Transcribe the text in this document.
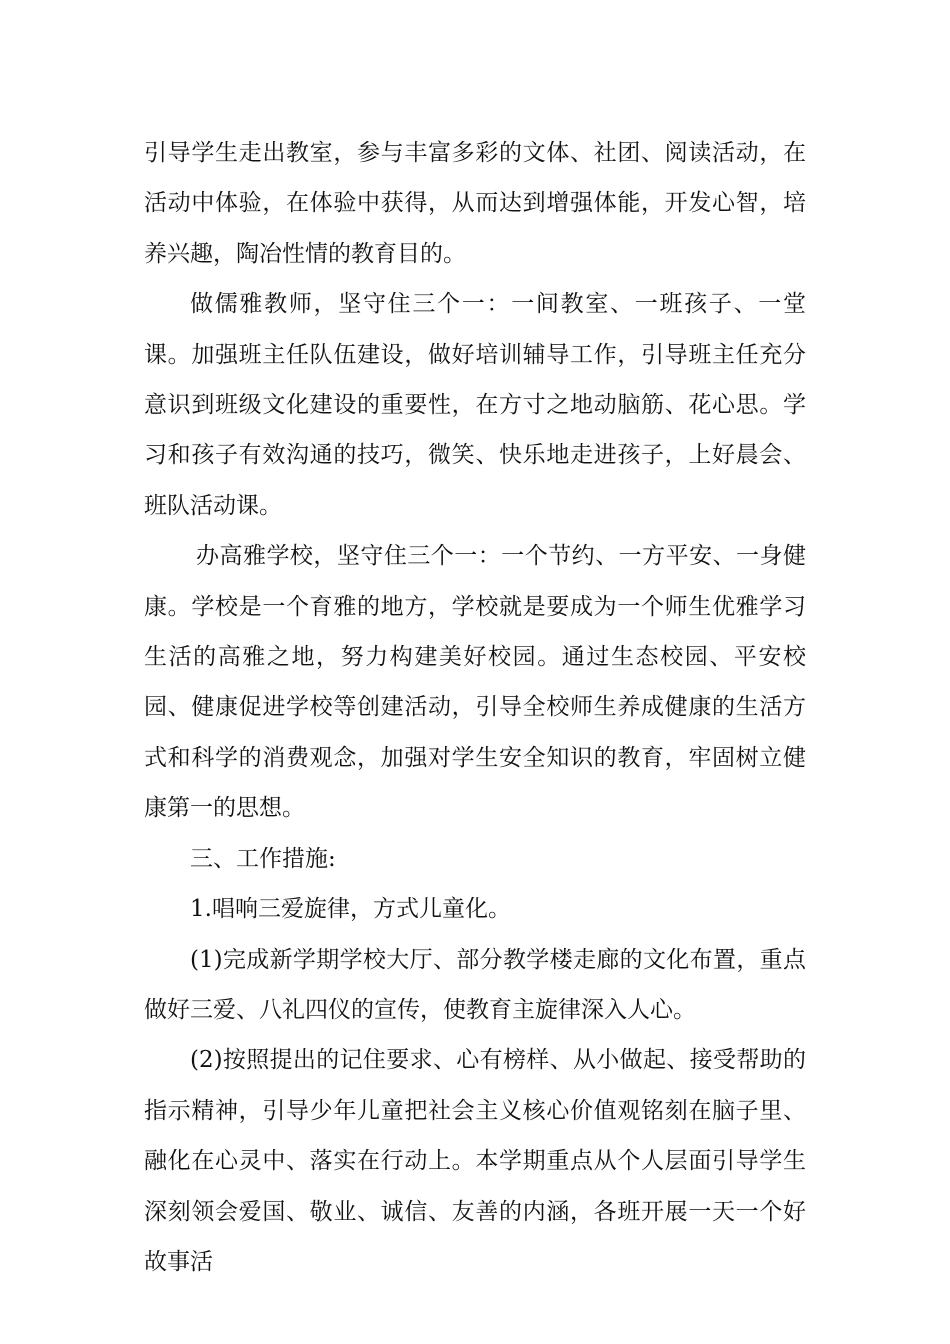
引导学生走出教室，参与丰富多彩的文体、社团、阅读活动，在活动中体验，在体验中获得，从而达到增强体能，开发心智，培养兴趣，陶冶性情的教育目的。

做儒雅教师，坚守住三个一：一间教室、一班孩子、一堂课。加强班主任队伍建设，做好培训辅导工作，引导班主任充分意识到班级文化建设的重要性，在方寸之地动脑筋、花心思。学习和孩子有效沟通的技巧，微笑、快乐地走进孩子，上好晨会、班队活动课。

办高雅学校，坚守住三个一：一个节约、一方平安、一身健康。学校是一个育雅的地方，学校就是要成为一个师生优雅学习生活的高雅之地，努力构建美好校园。通过生态校园、平安校园、健康促进学校等创建活动，引导全校师生养成健康的生活方式和科学的消费观念，加强对学生安全知识的教育，牢固树立健康第一的思想。

三、工作措施:

1.唱响三爱旋律，方式儿童化。

(1)完成新学期学校大厅、部分教学楼走廊的文化布置，重点做好三爱、八礼四仪的宣传，使教育主旋律深入人心。

(2)按照提出的记住要求、心有榜样、从小做起、接受帮助的指示精神，引导少年儿童把社会主义核心价值观铭刻在脑子里、融化在心灵中、落实在行动上。本学期重点从个人层面引导学生深刻领会爱国、敬业、诚信、友善的内涵，各班开展一天一个好故事活
